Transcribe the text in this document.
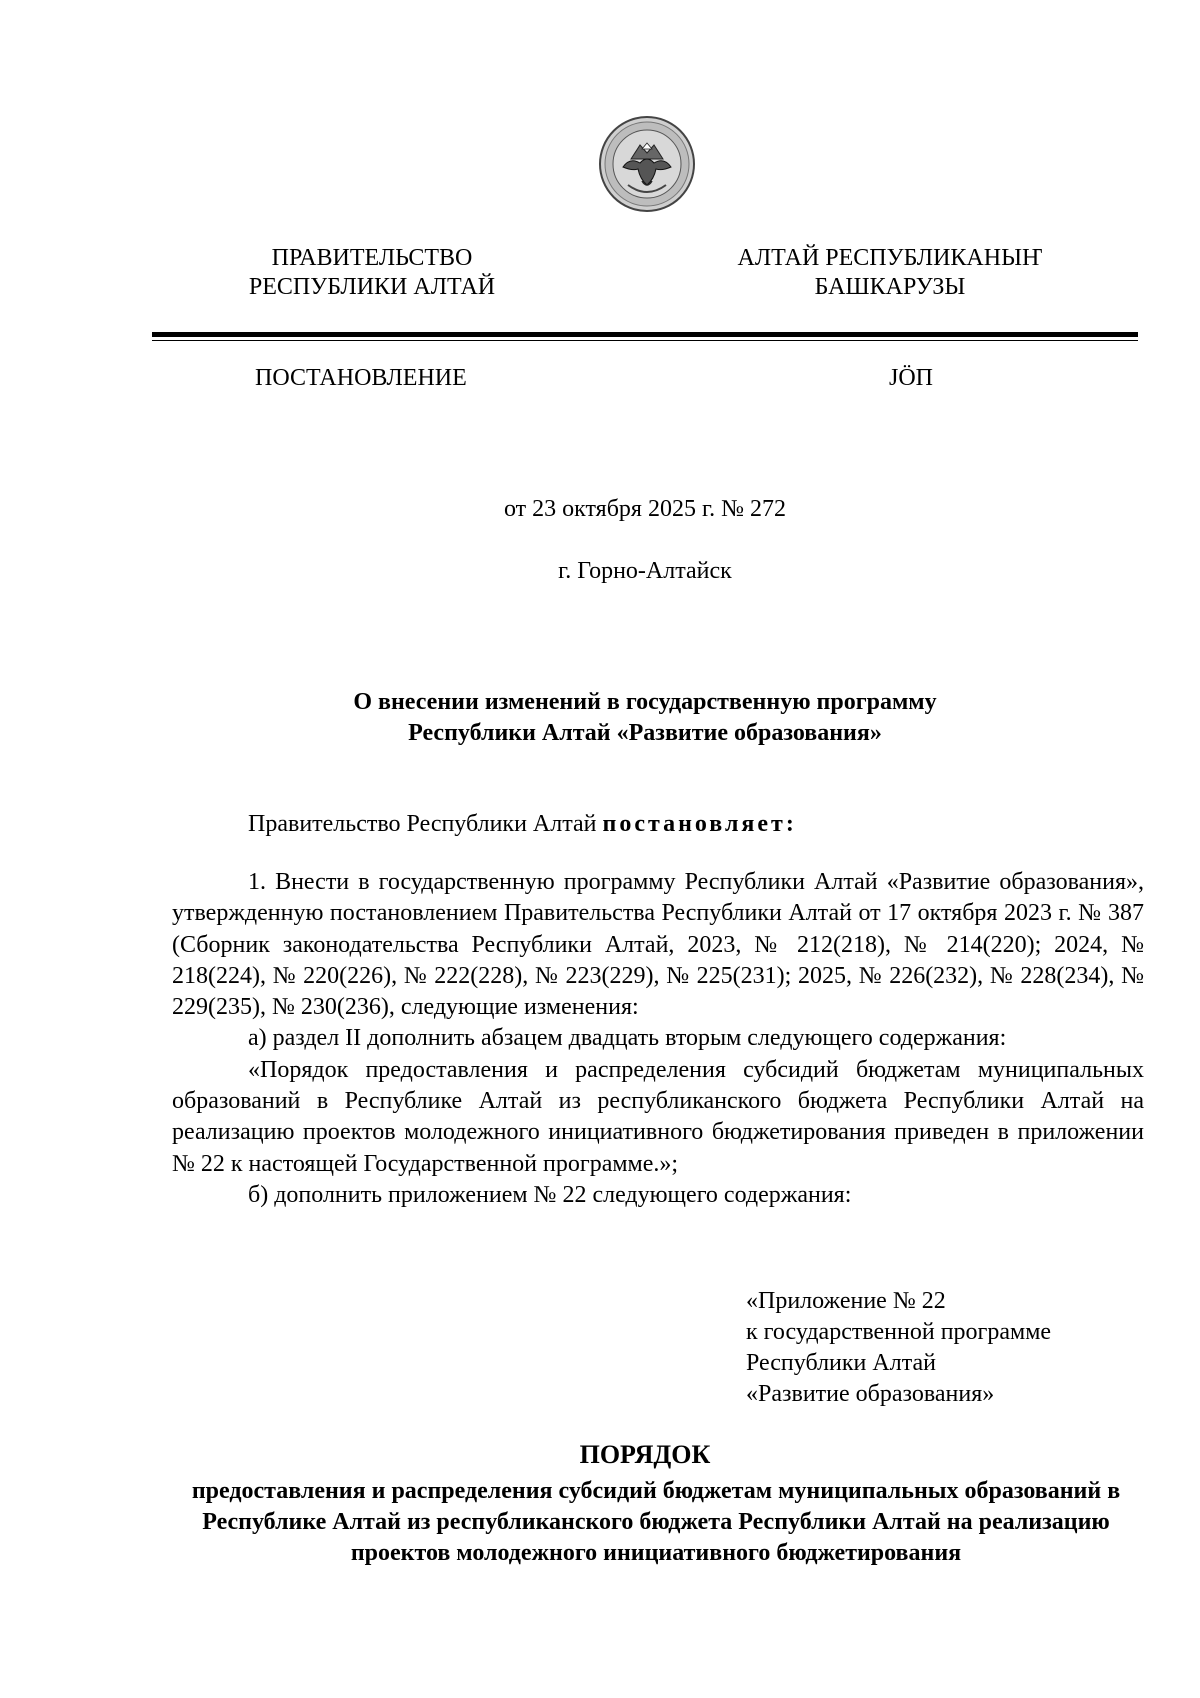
ПРАВИТЕЛЬСТВО
РЕСПУБЛИКИ АЛТАЙ
АЛТАЙ РЕСПУБЛИКАНЫҤ
БАШКАРУЗЫ
ПОСТАНОВЛЕНИЕ	ЈӦП
от 23 октября 2025 г. № 272
г. Горно-Алтайск
О внесении изменений в государственную программу
Республики Алтай «Развитие образования»
Правительство Республики Алтай постановляет:

1. Внести в государственную программу Республики Алтай «Развитие образования», утвержденную постановлением Правительства Республики Алтай от 17 октября 2023 г. № 387 (Сборник законодательства Республики Алтай, 2023, № 212(218), № 214(220); 2024, № 218(224), № 220(226), № 222(228), № 223(229), № 225(231); 2025, № 226(232), № 228(234), № 229(235), № 230(236), следующие изменения:

а) раздел II дополнить абзацем двадцать вторым следующего содержания:

«Порядок предоставления и распределения субсидий бюджетам муниципальных образований в Республике Алтай из республиканского бюджета Республики Алтай на реализацию проектов молодежного инициативного бюджетирования приведен в приложении № 22 к настоящей Государственной программе.»;

б) дополнить приложением № 22 следующего содержания:

«Приложение № 22
к государственной программе
Республики Алтай
«Развитие образования»
ПОРЯДОК
предоставления и распределения субсидий бюджетам муниципальных образований в
Республике Алтай из республиканского бюджета Республики Алтай на реализацию
проектов молодежного инициативного бюджетирования
